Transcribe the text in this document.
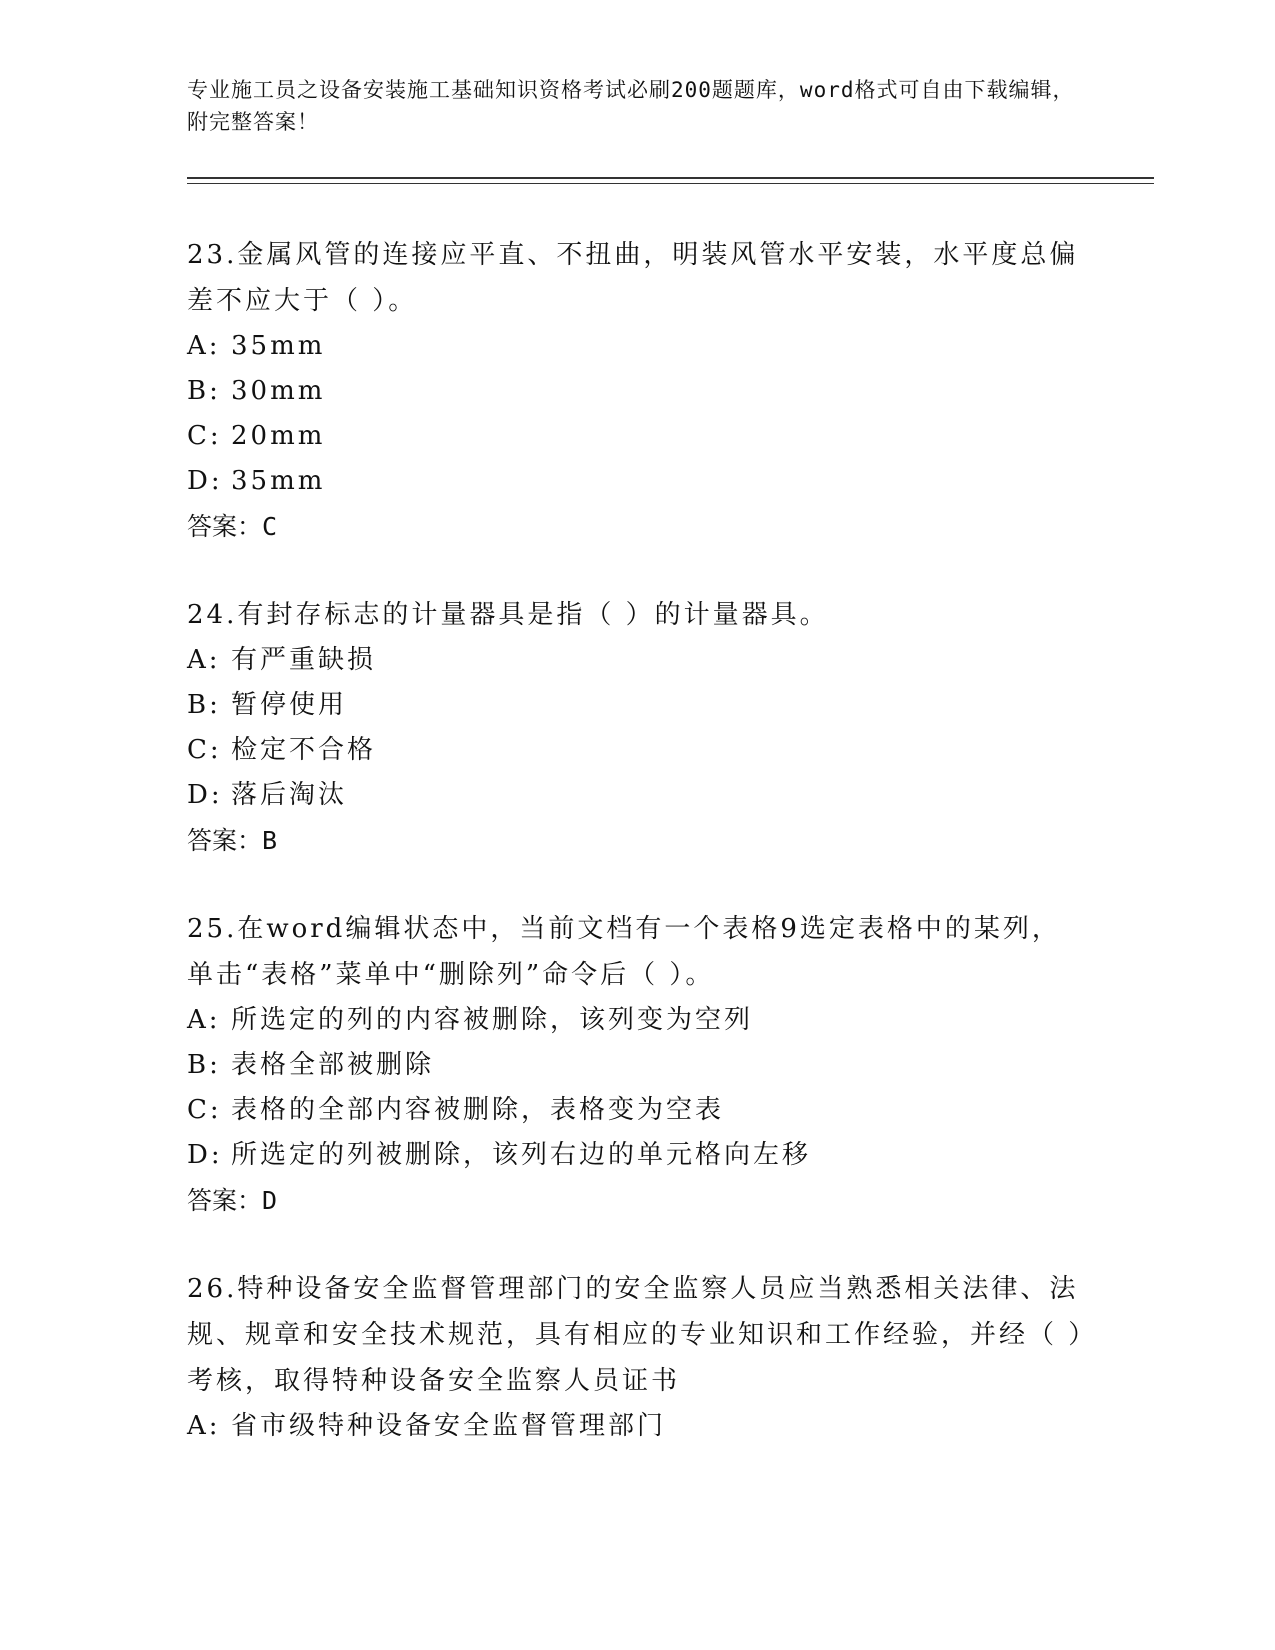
专业施工员之设备安装施工基础知识资格考试必刷200题题库，word格式可自由下载编辑，附完整答案！

23.金属风管的连接应平直、不扭曲，明装风管水平安装，水平度总偏差不应大于（ ）。

A: 35mm

B: 30mm

C: 20mm

D: 35mm

答案：C

24.有封存标志的计量器具是指（ ）的计量器具。

A: 有严重缺损

B: 暂停使用

C: 检定不合格

D: 落后淘汰

答案：B

25.在word编辑状态中，当前文档有一个表格9选定表格中的某列，单击“表格”菜单中“删除列”命令后（ ）。

A: 所选定的列的内容被删除，该列变为空列

B: 表格全部被删除

C: 表格的全部内容被删除，表格变为空表

D: 所选定的列被删除，该列右边的单元格向左移

答案：D

26.特种设备安全监督管理部门的安全监察人员应当熟悉相关法律、法规、规章和安全技术规范，具有相应的专业知识和工作经验，并经（ ）考核，取得特种设备安全监察人员证书

A: 省市级特种设备安全监督管理部门
